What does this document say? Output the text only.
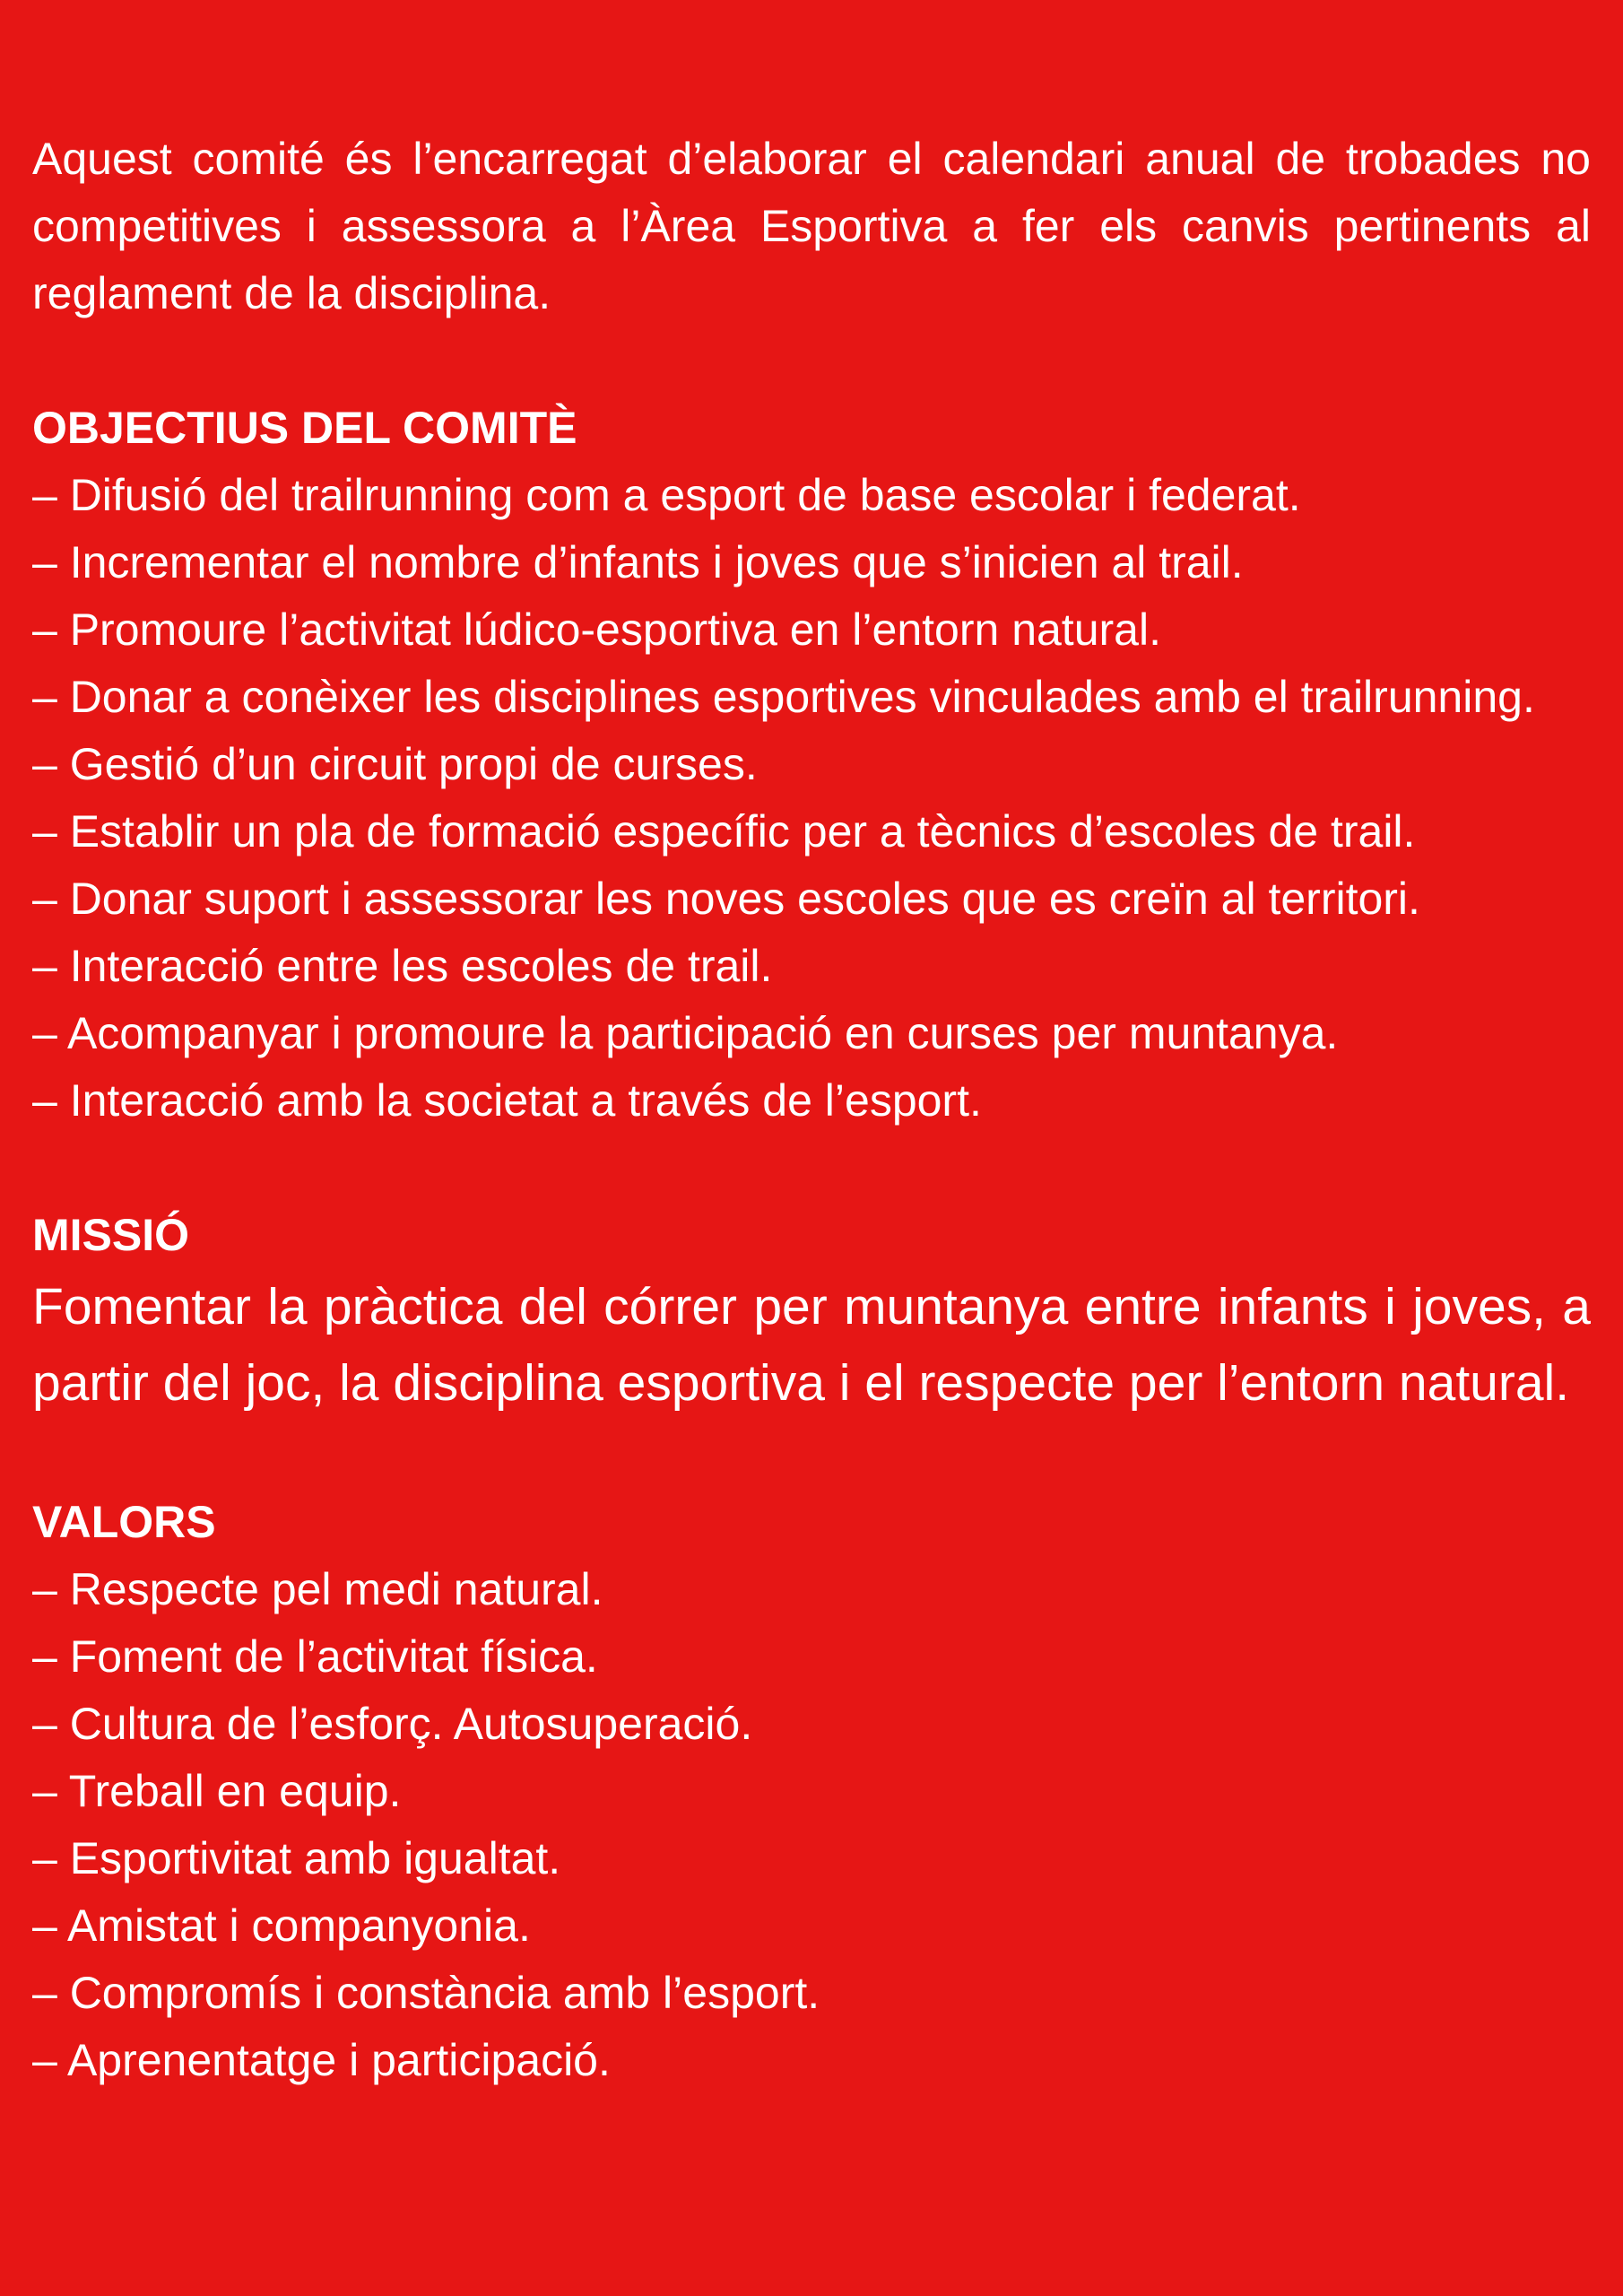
Aquest comité és l’encarregat d’elaborar el calendari anual de trobades no competitives i assessora a l’Àrea Esportiva a fer els canvis pertinents al reglament de la disciplina.

OBJECTIUS DEL COMITÈ
– Difusió del trailrunning com a esport de base escolar i federat.
– Incrementar el nombre d’infants i joves que s’inicien al trail.
– Promoure l’activitat lúdico-esportiva en l’entorn natural.
– Donar a conèixer les disciplines esportives vinculades amb el trailrunning.
– Gestió d’un circuit propi de curses.
– Establir un pla de formació específic per a tècnics d’escoles de trail.
– Donar suport i assessorar les noves escoles que es creïn al territori.
– Interacció entre les escoles de trail.
– Acompanyar i promoure la participació en curses per muntanya.
– Interacció amb la societat a través de l’esport.
MISSIÓ

Fomentar la pràctica del córrer per muntanya entre infants i joves, a partir del joc, la disciplina esportiva i el respecte per l’entorn natural.

VALORS
– Respecte pel medi natural.
– Foment de l’activitat física.
– Cultura de l’esforç. Autosuperació.
– Treball en equip.
– Esportivitat amb igualtat.
– Amistat i companyonia.
– Compromís i constància amb l’esport.
– Aprenentatge i participació.
